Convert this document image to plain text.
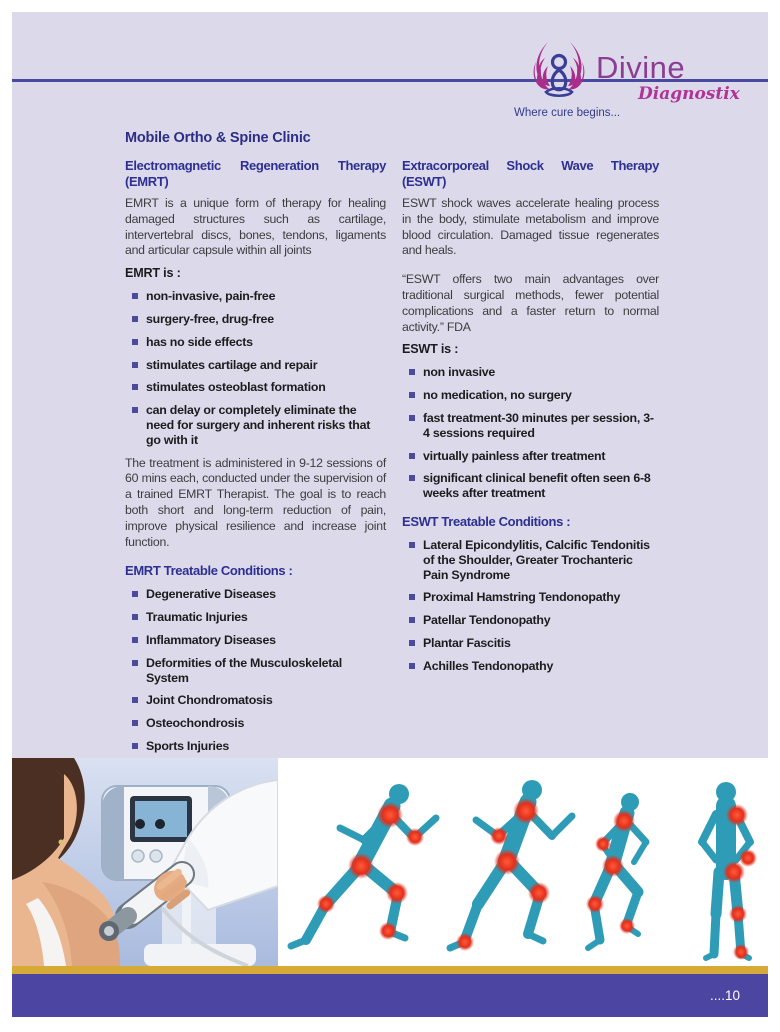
Divine
Diagnostix
Where cure begins...
Mobile Ortho & Spine Clinic
Electromagnetic Regeneration Therapy (EMRT)

EMRT is a unique form of therapy for healing damaged structures such as cartilage, intervertebral discs, bones, tendons, ligaments and articular capsule within all joints

EMRT is :
non-invasive, pain-free
surgery-free, drug-free
has no side effects
stimulates cartilage and repair
stimulates osteoblast formation
can delay or completely eliminate the need for surgery and inherent risks that go with it

The treatment is administered in 9-12 sessions of 60 mins each, conducted under the supervision of a trained EMRT Therapist. The goal is to reach both short and long-term reduction of pain, improve physical resilience and increase joint function.

EMRT Treatable Conditions :
Degenerative Diseases
Traumatic Injuries
Inflammatory Diseases
Deformities of the Musculoskeletal System
Joint Chondromatosis
Osteochondrosis
Sports Injuries
Extracorporeal Shock Wave Therapy (ESWT)

ESWT shock waves accelerate healing process in the body, stimulate metabolism and improve blood circulation. Damaged tissue regenerates and heals.

“ESWT offers two main advantages over traditional surgical methods, fewer potential complications and a faster return to normal activity.” FDA

ESWT is :
non invasive
no medication, no surgery
fast treatment-30 minutes per session, 3-4 sessions required
virtually painless after treatment
significant clinical benefit often seen 6-8 weeks after treatment
ESWT Treatable Conditions :
Lateral Epicondylitis, Calcific Tendonitis of the Shoulder, Greater Trochanteric Pain Syndrome
Proximal Hamstring Tendonopathy
Patellar Tendonopathy
Plantar Fascitis
Achilles Tendonopathy
....10
